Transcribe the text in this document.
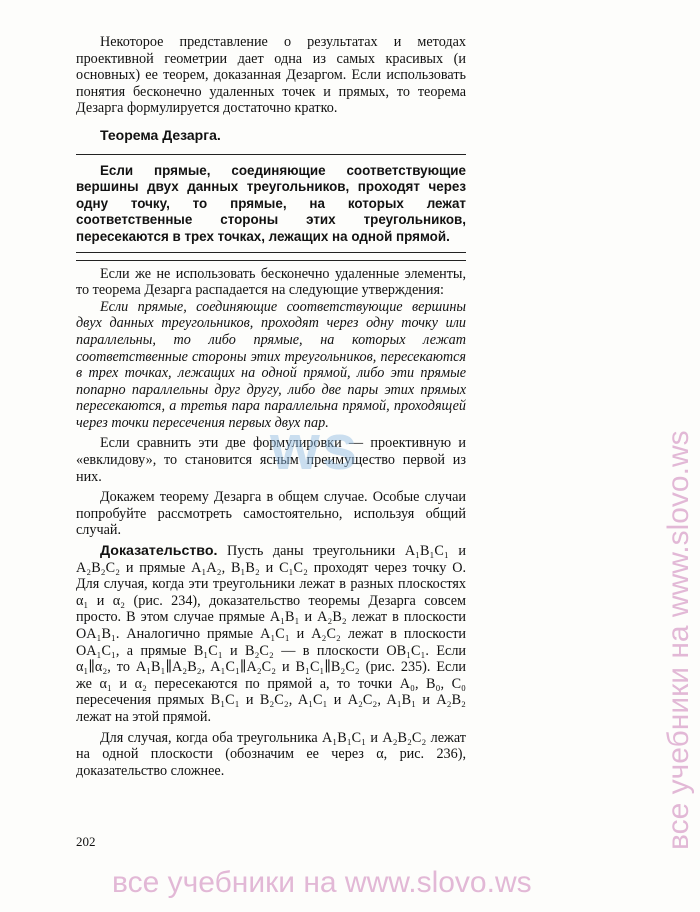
Некоторое представление о результатах и методах проективной геометрии дает одна из самых красивых (и основных) ее теорем, доказанная Дезаргом. Если использовать понятия бесконечно удаленных точек и прямых, то теорема Дезарга формулируется достаточно кратко.

Теорема Дезарга.

Если прямые, соединяющие соответствующие вершины двух данных треугольников, проходят через одну точку, то прямые, на которых лежат соответственные стороны этих треугольников, пересекаются в трех точках, лежащих на одной прямой.

Если же не использовать бесконечно удаленные элементы, то теорема Дезарга распадается на следующие утверждения:

Если прямые, соединяющие соответствующие вершины двух данных треугольников, проходят через одну точку или параллельны, то либо прямые, на которых лежат соответственные стороны этих треугольников, пересекаются в трех точках, лежащих на одной прямой, либо эти прямые попарно параллельны друг другу, либо две пары этих прямых пересекаются, а третья пара параллельна прямой, проходящей через точки пересечения первых двух пар.

Если сравнить эти две формулировки — проективную и «евклидову», то становится ясным преимущество первой из них.

Докажем теорему Дезарга в общем случае. Особые случаи попробуйте рассмотреть самостоятельно, используя общий случай.

Доказательство. Пусть даны треугольники A₁B₁C₁ и A₂B₂C₂ и прямые A₁A₂, B₁B₂ и C₁C₂ проходят через точку O. Для случая, когда эти треугольники лежат в разных плоскостях α₁ и α₂ (рис. 234), доказательство теоремы Дезарга совсем просто. В этом случае прямые A₁B₁ и A₂B₂ лежат в плоскости OA₁B₁. Аналогично прямые A₁C₁ и A₂C₂ лежат в плоскости OA₁C₁, а прямые B₁C₁ и B₂C₂ — в плоскости OB₁C₁. Если α₁∥α₂, то A₁B₁∥A₂B₂, A₁C₁∥A₂C₂ и B₁C₁∥B₂C₂ (рис. 235). Если же α₁ и α₂ пересекаются по прямой a, то точки A₀, B₀, C₀ пересечения прямых B₁C₁ и B₂C₂, A₁C₁ и A₂C₂, A₁B₁ и A₂B₂ лежат на этой прямой.

Для случая, когда оба треугольника A₁B₁C₁ и A₂B₂C₂ лежат на одной плоскости (обозначим ее через α, рис. 236), доказательство сложнее.

202
ws	все учебники на www.slovo.ws
все учебники на www.slovo.ws
